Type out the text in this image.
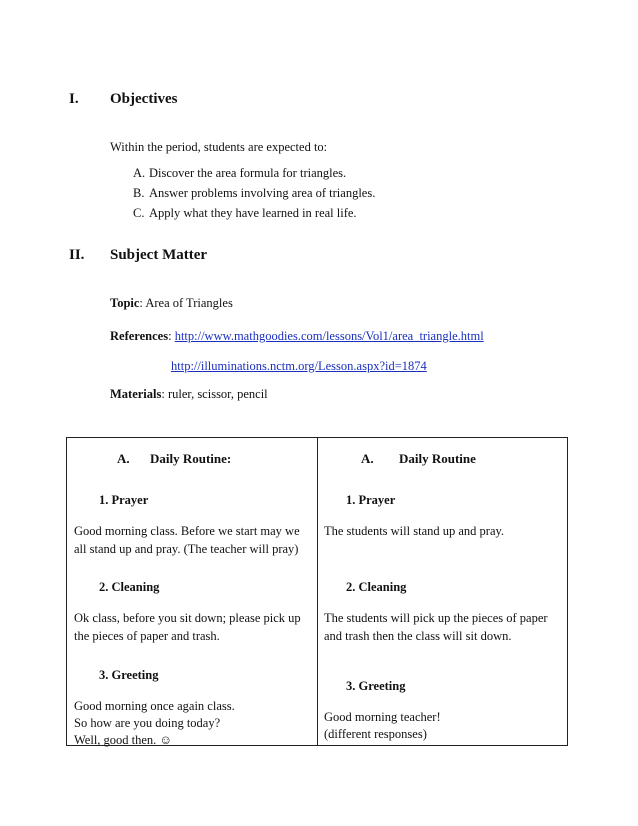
I. Objectives
Within the period, students are expected to:
A. Discover the area formula for triangles.
B. Answer problems involving area of triangles.
C. Apply what they have learned in real life.
II. Subject Matter
Topic: Area of Triangles
References: http://www.mathgoodies.com/lessons/Vol1/area_triangle.html
http://illuminations.nctm.org/Lesson.aspx?id=1874
Materials: ruler, scissor, pencil
A. Daily Routine:
1. Prayer
Good morning class. Before we start may we
all stand up and pray. (The teacher will pray)
2. Cleaning
Ok class, before you sit down; please pick up
the pieces of paper and trash.
3. Greeting
Good morning once again class.
So how are you doing today?
Well, good then. ☺
A. Daily Routine
1. Prayer
The students will stand up and pray.
2. Cleaning
The students will pick up the pieces of paper
and trash then the class will sit down.
3. Greeting
Good morning teacher!
(different responses)
